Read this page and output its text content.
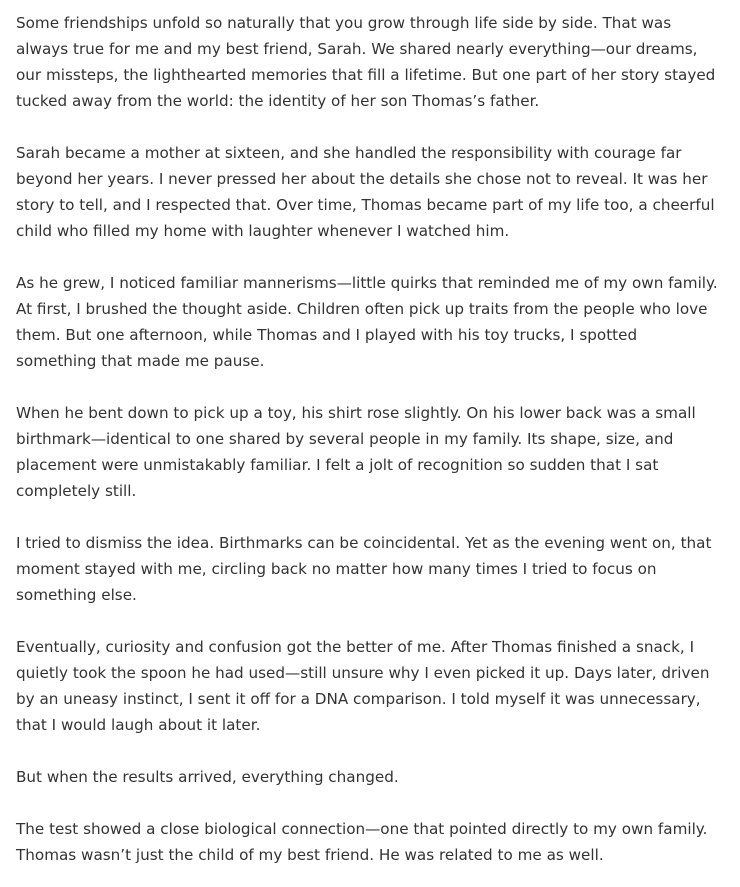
Some friendships unfold so naturally that you grow through life side by side. That was always true for me and my best friend, Sarah. We shared nearly everything—our dreams, our missteps, the lighthearted memories that fill a lifetime. But one part of her story stayed tucked away from the world: the identity of her son Thomas’s father.

Sarah became a mother at sixteen, and she handled the responsibility with courage far beyond her years. I never pressed her about the details she chose not to reveal. It was her story to tell, and I respected that. Over time, Thomas became part of my life too, a cheerful child who filled my home with laughter whenever I watched him.

As he grew, I noticed familiar mannerisms—little quirks that reminded me of my own family. At first, I brushed the thought aside. Children often pick up traits from the people who love them. But one afternoon, while Thomas and I played with his toy trucks, I spotted something that made me pause.

When he bent down to pick up a toy, his shirt rose slightly. On his lower back was a small birthmark—identical to one shared by several people in my family. Its shape, size, and placement were unmistakably familiar. I felt a jolt of recognition so sudden that I sat completely still.

I tried to dismiss the idea. Birthmarks can be coincidental. Yet as the evening went on, that moment stayed with me, circling back no matter how many times I tried to focus on something else.

Eventually, curiosity and confusion got the better of me. After Thomas finished a snack, I quietly took the spoon he had used—still unsure why I even picked it up. Days later, driven by an uneasy instinct, I sent it off for a DNA comparison. I told myself it was unnecessary, that I would laugh about it later.

But when the results arrived, everything changed.

The test showed a close biological connection—one that pointed directly to my own family. Thomas wasn’t just the child of my best friend. He was related to me as well.
